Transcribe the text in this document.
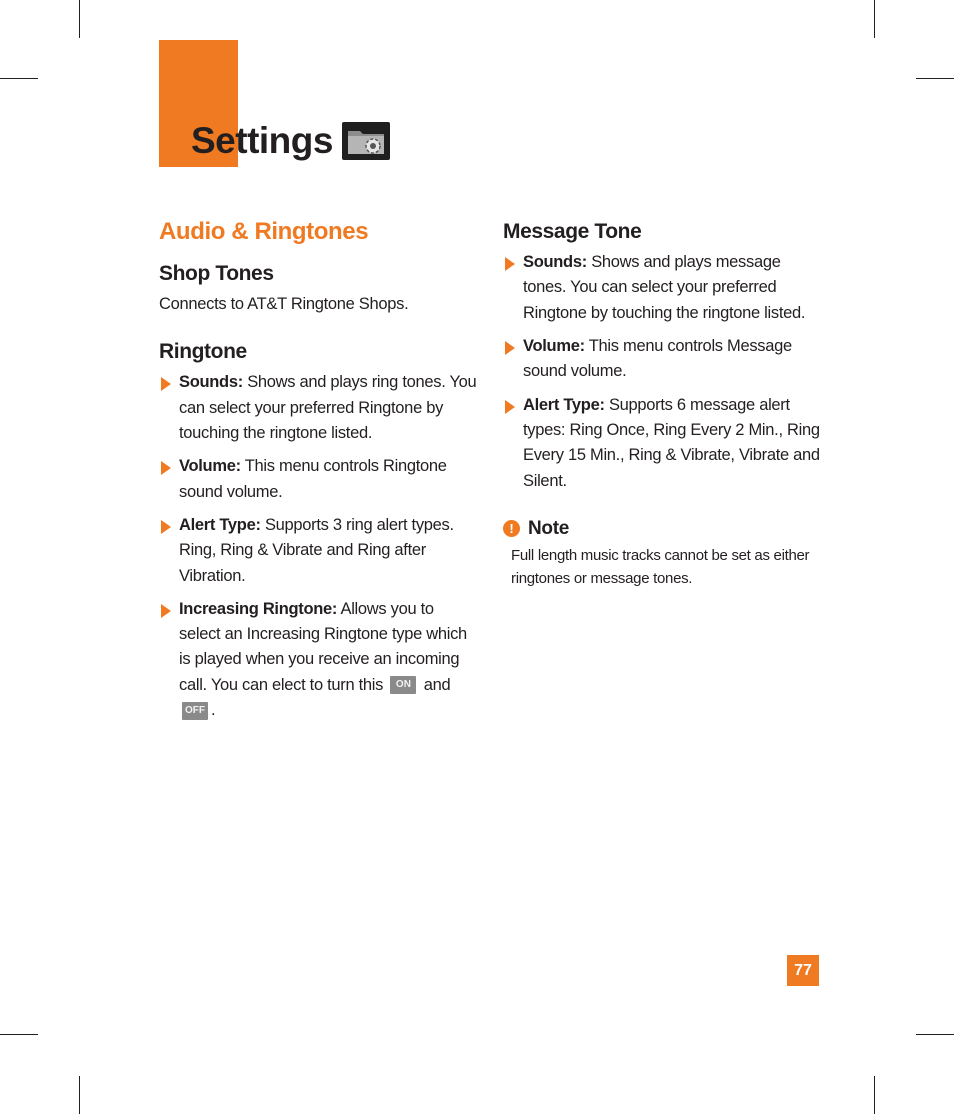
Settings
Audio & Ringtones
Shop Tones

Connects to AT&T Ringtone Shops.

Ringtone
Sounds: Shows and plays ring tones. You can select your preferred Ringtone by touching the ringtone listed.
Volume: This menu controls Ringtone sound volume.
Alert Type: Supports 3 ring alert types. Ring, Ring & Vibrate and Ring after Vibration.
Increasing Ringtone: Allows you to select an Increasing Ringtone type which is played when you receive an incoming call. You can elect to turn this ON and OFF .
Message Tone
Sounds: Shows and plays message tones. You can select your preferred Ringtone by touching the ringtone listed.
Volume: This menu controls Message sound volume.
Alert Type: Supports 6 message alert types: Ring Once, Ring Every 2 Min., Ring Every 15 Min., Ring & Vibrate, Vibrate and Silent.
! Note
Full length music tracks cannot be set as either ringtones or message tones.
77
